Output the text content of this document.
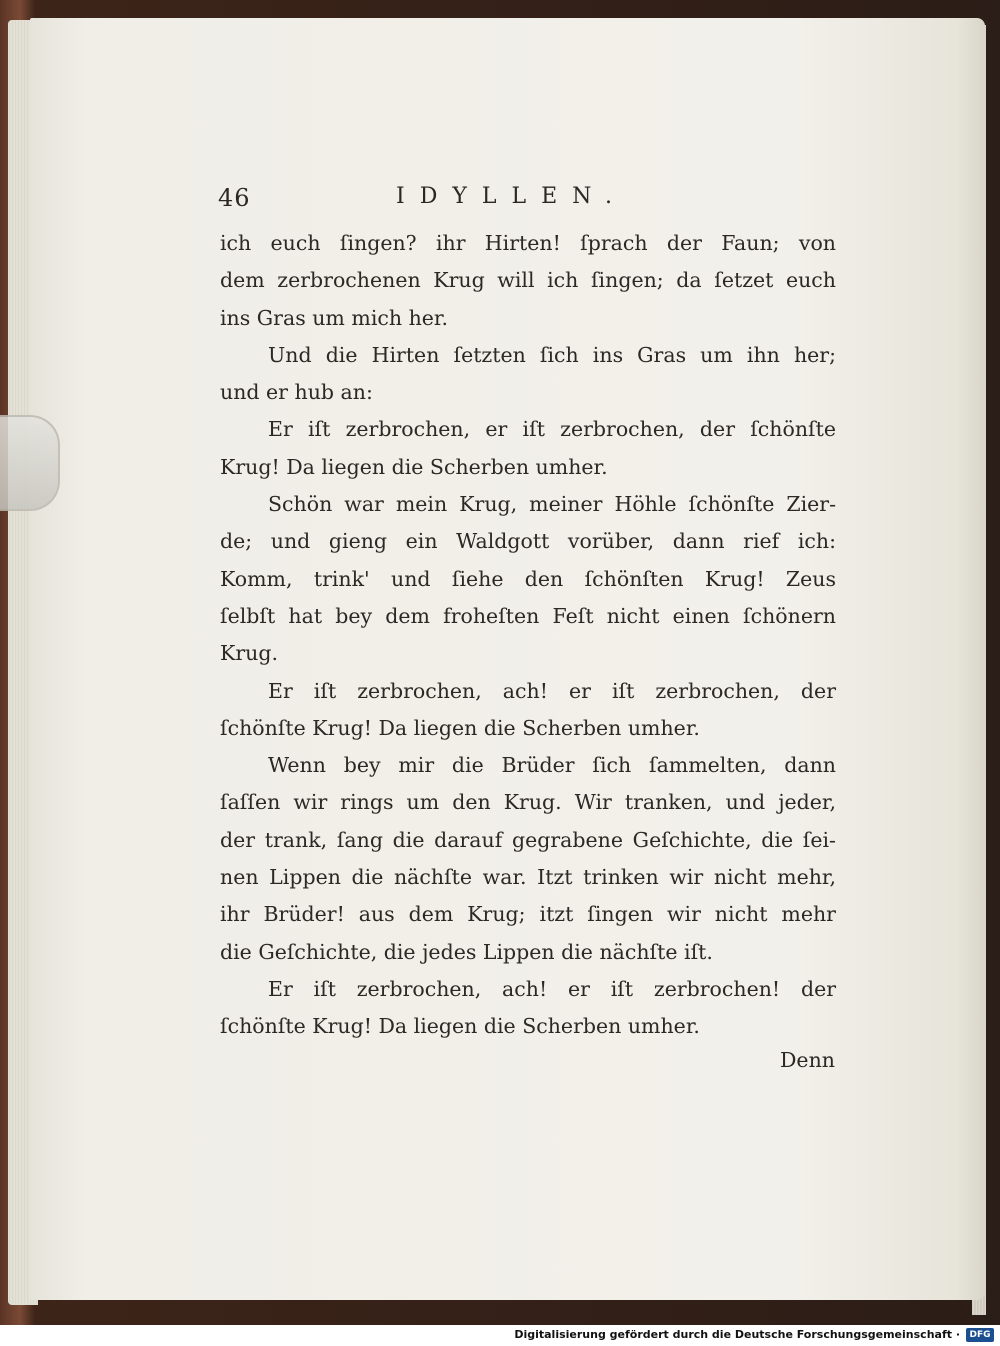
46	IDYLLEN.
ich euch ſingen? ihr Hirten! ſprach der Faun; von
dem zerbrochenen Krug will ich ſingen; da ſetzet euch
ins Gras um mich her.
Und die Hirten ſetzten ſich ins Gras um ihn her;
und er hub an:
Er iſt zerbrochen, er iſt zerbrochen, der ſchönſte
Krug! Da liegen die Scherben umher.
Schön war mein Krug, meiner Höhle ſchönſte Zier-
de; und gieng ein Waldgott vorüber, dann rief ich:
Komm, trink' und ſiehe den ſchönſten Krug! Zeus
ſelbſt hat bey dem froheſten Feſt nicht einen ſchönern
Krug.
Er iſt zerbrochen, ach! er iſt zerbrochen, der
ſchönſte Krug! Da liegen die Scherben umher.
Wenn bey mir die Brüder ſich ſammelten, dann
ſaſſen wir rings um den Krug. Wir tranken, und jeder,
der trank, ſang die darauf gegrabene Geſchichte, die ſei-
nen Lippen die nächſte war. Itzt trinken wir nicht mehr,
ihr Brüder! aus dem Krug; itzt ſingen wir nicht mehr
die Geſchichte, die jedes Lippen die nächſte iſt.
Er iſt zerbrochen, ach! er iſt zerbrochen! der
ſchönſte Krug! Da liegen die Scherben umher.
Denn
Digitalisierung gefördert durch die Deutsche Forschungsgemeinschaft ·	DFG
